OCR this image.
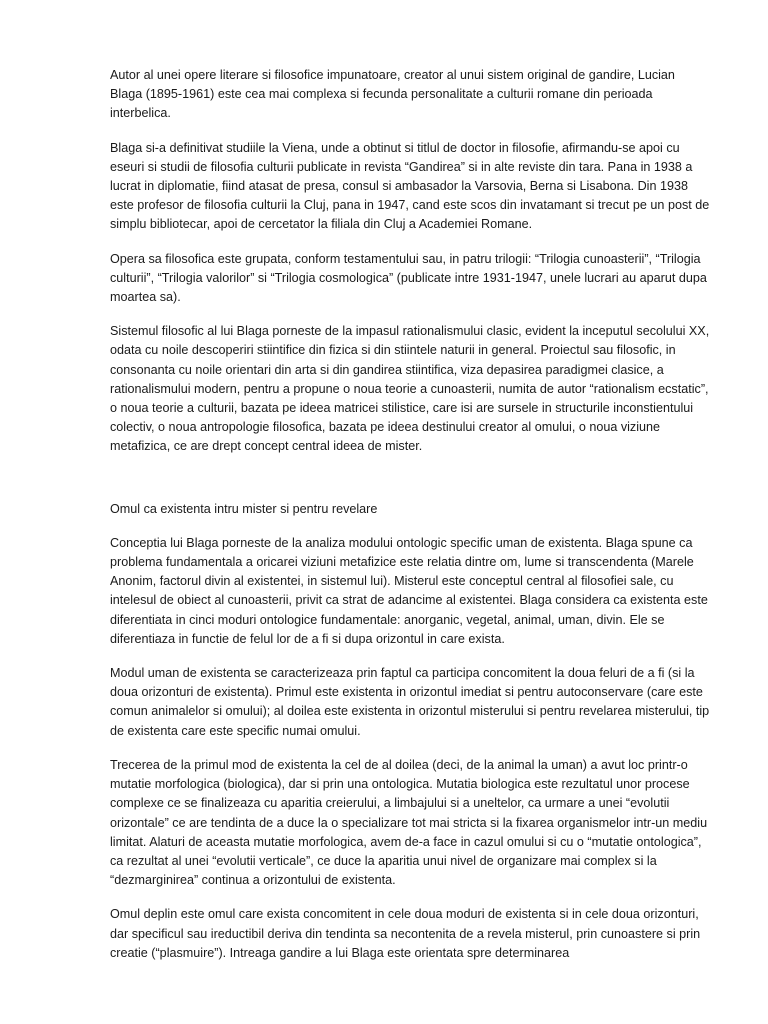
Autor al unei opere literare si filosofice impunatoare, creator al unui sistem original de gandire, Lucian Blaga (1895-1961) este cea mai complexa si fecunda personalitate a culturii romane din perioada interbelica.

Blaga si-a definitivat studiile la Viena, unde a obtinut si titlul de doctor in filosofie, afirmandu-se apoi cu eseuri si studii de filosofia culturii publicate in revista “Gandirea” si in alte reviste din tara. Pana in 1938 a lucrat in diplomatie, fiind atasat de presa, consul si ambasador la Varsovia, Berna si Lisabona. Din 1938 este profesor de filosofia culturii la Cluj, pana in 1947, cand este scos din invatamant si trecut pe un post de simplu bibliotecar, apoi de cercetator la filiala din Cluj a Academiei Romane.

Opera sa filosofica este grupata, conform testamentului sau, in patru trilogii: “Trilogia cunoasterii”, “Trilogia culturii”, “Trilogia valorilor” si “Trilogia cosmologica” (publicate intre 1931-1947, unele lucrari au aparut dupa moartea sa).

Sistemul filosofic al lui Blaga porneste de la impasul rationalismului clasic, evident la inceputul secolului XX, odata cu noile descoperiri stiintifice din fizica si din stiintele naturii in general. Proiectul sau filosofic, in consonanta cu noile orientari din arta si din gandirea stiintifica, viza depasirea paradigmei clasice, a rationalismului modern, pentru a propune o noua teorie a cunoasterii, numita de autor “rationalism ecstatic”, o noua teorie a culturii, bazata pe ideea matricei stilistice, care isi are sursele in structurile inconstientului colectiv, o noua antropologie filosofica, bazata pe ideea destinului creator al omului, o noua viziune metafizica, ce are drept concept central ideea de mister.

Omul ca existenta intru mister si pentru revelare

Conceptia lui Blaga porneste de la analiza modului ontologic specific uman de existenta. Blaga spune ca problema fundamentala a oricarei viziuni metafizice este relatia dintre om, lume si transcendenta (Marele Anonim, factorul divin al existentei, in sistemul lui). Misterul este conceptul central al filosofiei sale, cu intelesul de obiect al cunoasterii, privit ca strat de adancime al existentei. Blaga considera ca existenta este diferentiata in cinci moduri ontologice fundamentale: anorganic, vegetal, animal, uman, divin. Ele se diferentiaza in functie de felul lor de a fi si dupa orizontul in care exista.

Modul uman de existenta se caracterizeaza prin faptul ca participa concomitent la doua feluri de a fi (si la doua orizonturi de existenta). Primul este existenta in orizontul imediat si pentru autoconservare (care este comun animalelor si omului); al doilea este existenta in orizontul misterului si pentru revelarea misterului, tip de existenta care este specific numai omului.

Trecerea de la primul mod de existenta la cel de al doilea (deci, de la animal la uman) a avut loc printr-o mutatie morfologica (biologica), dar si prin una ontologica. Mutatia biologica este rezultatul unor procese complexe ce se finalizeaza cu aparitia creierului, a limbajului si a uneltelor, ca urmare a unei “evolutii orizontale” ce are tendinta de a duce la o specializare tot mai stricta si la fixarea organismelor intr-un mediu limitat. Alaturi de aceasta mutatie morfologica, avem de-a face in cazul omului si cu o “mutatie ontologica”, ca rezultat al unei “evolutii verticale”, ce duce la aparitia unui nivel de organizare mai complex si la “dezmarginirea” continua a orizontului de existenta.

Omul deplin este omul care exista concomitent in cele doua moduri de existenta si in cele doua orizonturi, dar specificul sau ireductibil deriva din tendinta sa necontenita de a revela misterul, prin cunoastere si prin creatie (“plasmuire”). Intreaga gandire a lui Blaga este orientata spre determinarea
